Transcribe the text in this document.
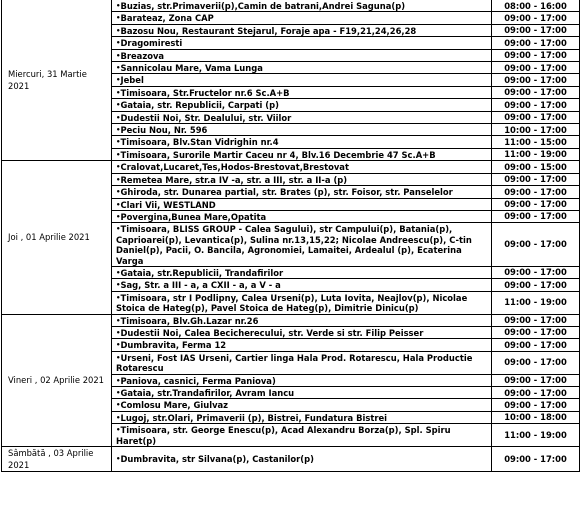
Miercuri, 31 Martie 2021	•Buzias, str.Primaverii(p),Camin de batrani,Andrei Saguna(p)	08:00 - 16:00
	•Barateaz, Zona CAP	09:00 - 17:00
	•Bazosu Nou, Restaurant Stejarul, Foraje apa - F19,21,24,26,28	09:00 - 17:00
	•Dragomiresti	09:00 - 17:00
	•Breazova	09:00 - 17:00
	•Sannicolau Mare, Vama Lunga	09:00 - 17:00
	•Jebel	09:00 - 17:00
	•Timisoara, Str.Fructelor nr.6 Sc.A+B	09:00 - 17:00
	•Gataia, str. Republicii, Carpati (p)	09:00 - 17:00
	•Dudestii Noi, Str. Dealului, str. Viilor	09:00 - 17:00
	•Peciu Nou, Nr. 596	10:00 - 17:00
	•Timisoara, Blv.Stan Vidrighin nr.4	11:00 - 15:00
	•Timisoara, Surorile Martir Caceu nr 4, Blv.16 Decembrie 47 Sc.A+B	11:00 - 19:00
Joi , 01 Aprilie 2021	•Cralovat,Lucaret,Tes,Hodos-Brestovat,Brestovat	09:00 - 15:00
	•Remetea Mare, str.a IV -a, str. a III, str. a II-a (p)	09:00 - 17:00
	•Ghiroda, str. Dunarea partial, str. Brates (p), str. Foisor, str. Panselelor	09:00 - 17:00
	•Clari Vii, WESTLAND	09:00 - 17:00
	•Povergina,Bunea Mare,Opatita	09:00 - 17:00
	•Timisoara, BLISS GROUP - Calea Sagului), str Campului(p), Batania(p), Caprioarei(p), Levantica(p), Sulina nr.13,15,22; Nicolae Andreescu(p), C-tin Daniel(p), Pacii, O. Bancila, Agronomiei, Lamaitei, Ardealul (p), Ecaterina Varga	09:00 - 17:00
	•Gataia, str.Republicii, Trandafirilor	09:00 - 17:00
	•Sag, Str. a III - a, a CXII - a, a V - a	09:00 - 17:00
	•Timisoara, str I Podlipny, Calea Urseni(p), Luta Iovita, Neajlov(p), Nicolae Stoica de Hateg(p), Pavel Stoica de Hateg(p), Dimitrie Dinicu(p)	11:00 - 19:00
Vineri , 02 Aprilie 2021	•Timisoara, Blv.Gh.Lazar nr.26	09:00 - 17:00
	•Dudestii Noi, Calea Becicherecului, str. Verde si str. Filip Peisser	09:00 - 17:00
	•Dumbravita, Ferma 12	09:00 - 17:00
	•Urseni, Fost IAS Urseni, Cartier linga Hala Prod. Rotarescu, Hala Productie Rotarescu	09:00 - 17:00
	•Paniova, casnici, Ferma Paniova)	09:00 - 17:00
	•Gataia, str.Trandafirilor, Avram Iancu	09:00 - 17:00
	•Comlosu Mare, Giulvaz	09:00 - 17:00
	•Lugoj, str.Olari, Primaverii (p), Bistrei, Fundatura Bistrei	10:00 - 18:00
	•Timisoara, str. George Enescu(p), Acad Alexandru Borza(p), Spl. Spiru Haret(p)	11:00 - 19:00
Sâmbătă , 03 Aprilie 2021	•Dumbravita, str Silvana(p), Castanilor(p)	09:00 - 17:00
